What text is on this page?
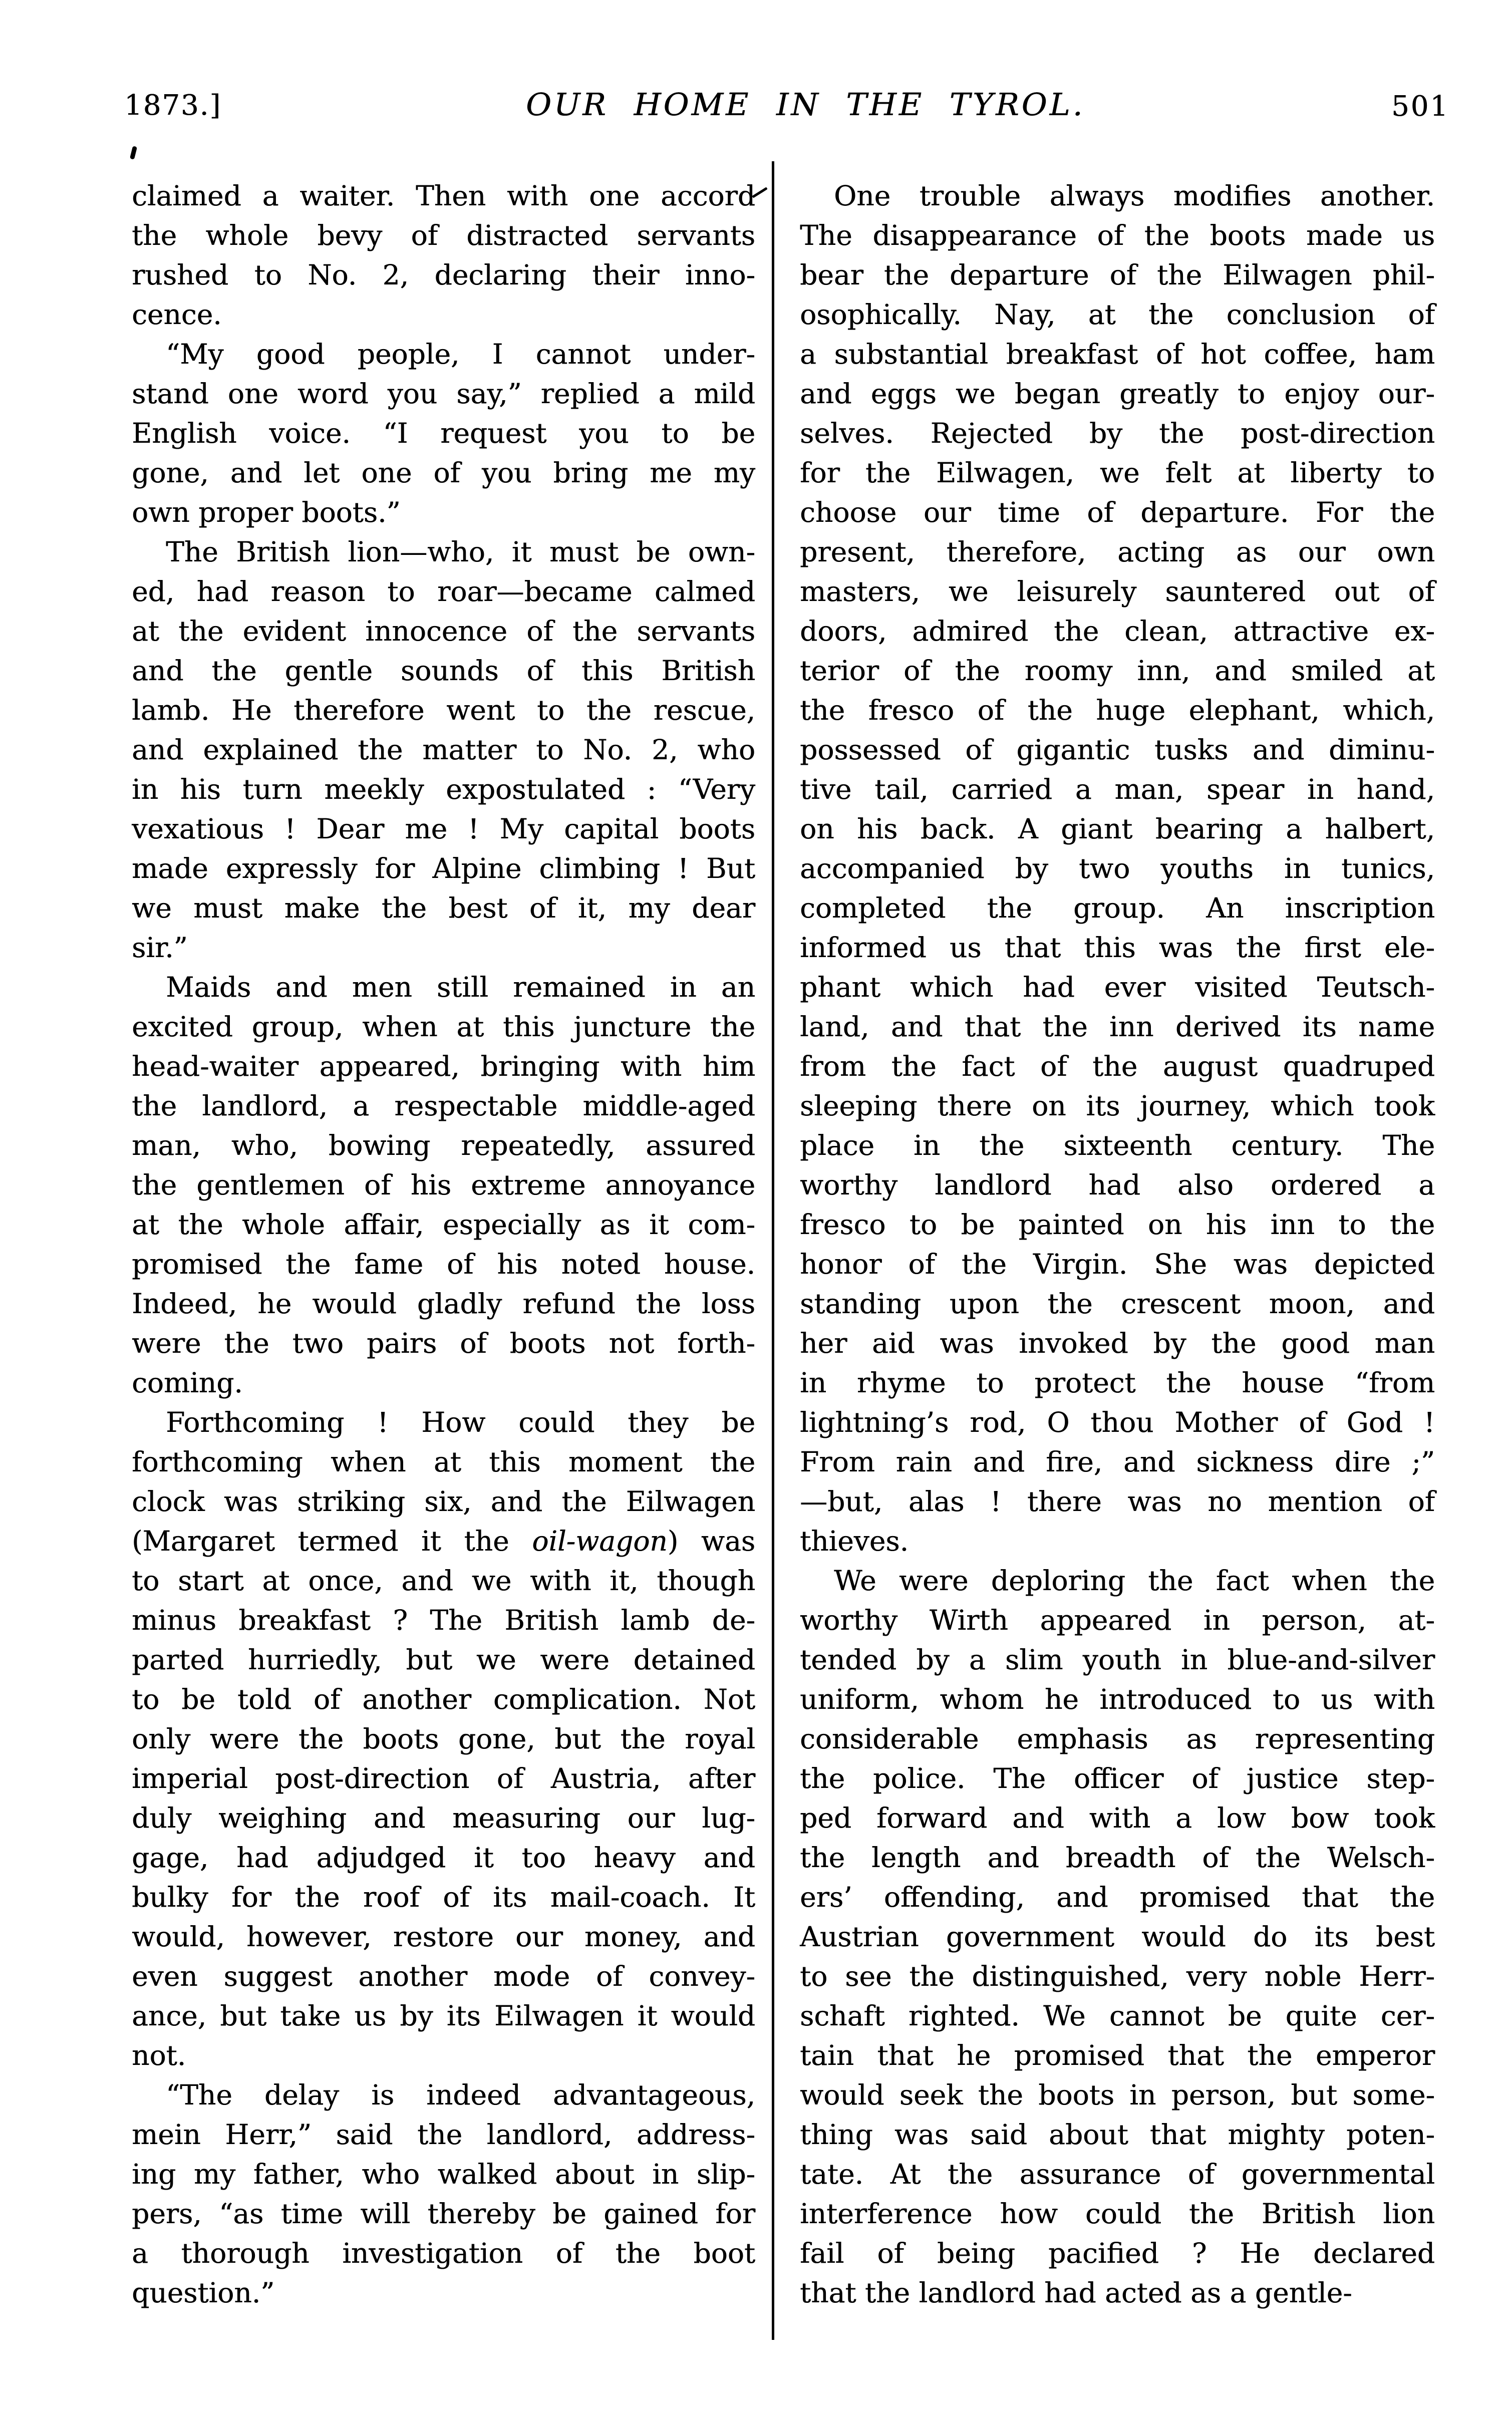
1873.]	OUR HOME IN THE TYROL.	501
claimed a waiter. Then with one accord
the whole bevy of distracted servants
rushed to No. 2, declaring their inno-
cence.
“My good people, I cannot under-
stand one word you say,” replied a mild
English voice. “I request you to be
gone, and let one of you bring me my
own proper boots.”
The British lion—who, it must be own-
ed, had reason to roar—became calmed
at the evident innocence of the servants
and the gentle sounds of this British
lamb. He therefore went to the rescue,
and explained the matter to No. 2, who
in his turn meekly expostulated : “Very
vexatious ! Dear me ! My capital boots
made expressly for Alpine climbing ! But
we must make the best of it, my dear
sir.”
Maids and men still remained in an
excited group, when at this juncture the
head-waiter appeared, bringing with him
the landlord, a respectable middle-aged
man, who, bowing repeatedly, assured
the gentlemen of his extreme annoyance
at the whole affair, especially as it com-
promised the fame of his noted house.
Indeed, he would gladly refund the loss
were the two pairs of boots not forth-
coming.
Forthcoming ! How could they be
forthcoming when at this moment the
clock was striking six, and the Eilwagen
(Margaret termed it the oil-wagon) was
to start at once, and we with it, though
minus breakfast ? The British lamb de-
parted hurriedly, but we were detained
to be told of another complication. Not
only were the boots gone, but the royal
imperial post-direction of Austria, after
duly weighing and measuring our lug-
gage, had adjudged it too heavy and
bulky for the roof of its mail-coach. It
would, however, restore our money, and
even suggest another mode of convey-
ance, but take us by its Eilwagen it would
not.
“The delay is indeed advantageous,
mein Herr,” said the landlord, address-
ing my father, who walked about in slip-
pers, “as time will thereby be gained for
a thorough investigation of the boot
question.”
One trouble always modifies another.
The disappearance of the boots made us
bear the departure of the Eilwagen phil-
osophically. Nay, at the conclusion of
a substantial breakfast of hot coffee, ham
and eggs we began greatly to enjoy our-
selves. Rejected by the post-direction
for the Eilwagen, we felt at liberty to
choose our time of departure. For the
present, therefore, acting as our own
masters, we leisurely sauntered out of
doors, admired the clean, attractive ex-
terior of the roomy inn, and smiled at
the fresco of the huge elephant, which,
possessed of gigantic tusks and diminu-
tive tail, carried a man, spear in hand,
on his back. A giant bearing a halbert,
accompanied by two youths in tunics,
completed the group. An inscription
informed us that this was the first ele-
phant which had ever visited Teutsch-
land, and that the inn derived its name
from the fact of the august quadruped
sleeping there on its journey, which took
place in the sixteenth century. The
worthy landlord had also ordered a
fresco to be painted on his inn to the
honor of the Virgin. She was depicted
standing upon the crescent moon, and
her aid was invoked by the good man
in rhyme to protect the house “from
lightning’s rod, O thou Mother of God !
From rain and fire, and sickness dire ;”
—but, alas ! there was no mention of
thieves.
We were deploring the fact when the
worthy Wirth appeared in person, at-
tended by a slim youth in blue-and-silver
uniform, whom he introduced to us with
considerable emphasis as representing
the police. The officer of justice step-
ped forward and with a low bow took
the length and breadth of the Welsch-
ers’ offending, and promised that the
Austrian government would do its best
to see the distinguished, very noble Herr-
schaft righted. We cannot be quite cer-
tain that he promised that the emperor
would seek the boots in person, but some-
thing was said about that mighty poten-
tate. At the assurance of governmental
interference how could the British lion
fail of being pacified ? He declared
that the landlord had acted as a gentle-
